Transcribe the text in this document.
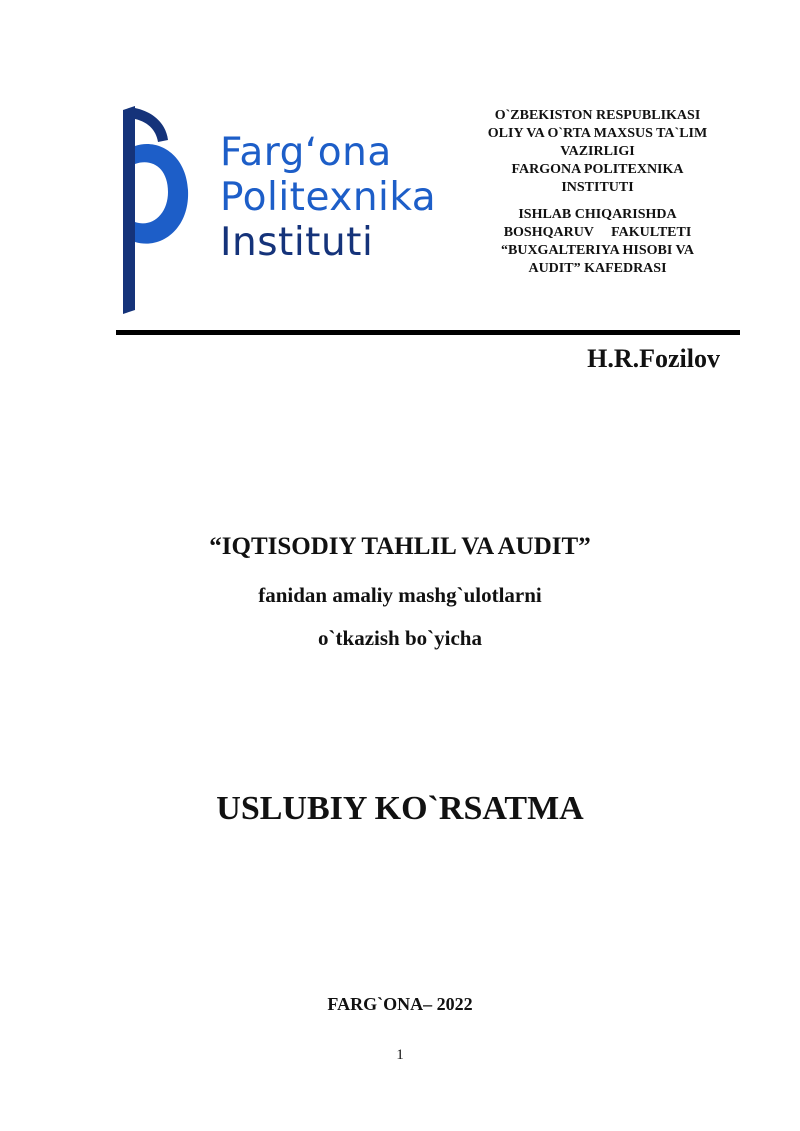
Farg‘ona
Politexnika
Instituti
O`ZBEKISTON RESPUBLIKASI
OLIY VA O`RTA MAXSUS TA`LIM
VAZIRLIGI
FARGONA POLITEXNIKA
INSTITUTI
ISHLAB CHIQARISHDA
BOSHQARUV     FAKULTETI
“BUXGALTERIYA HISOBI VA
AUDIT” KAFEDRASI
H.R.Fozilov
“IQTISODIY TAHLIL VA AUDIT”
fanidan amaliy mashg`ulotlarni
o`tkazish bo`yicha
USLUBIY KO`RSATMA
FARG`ONA– 2022
1
